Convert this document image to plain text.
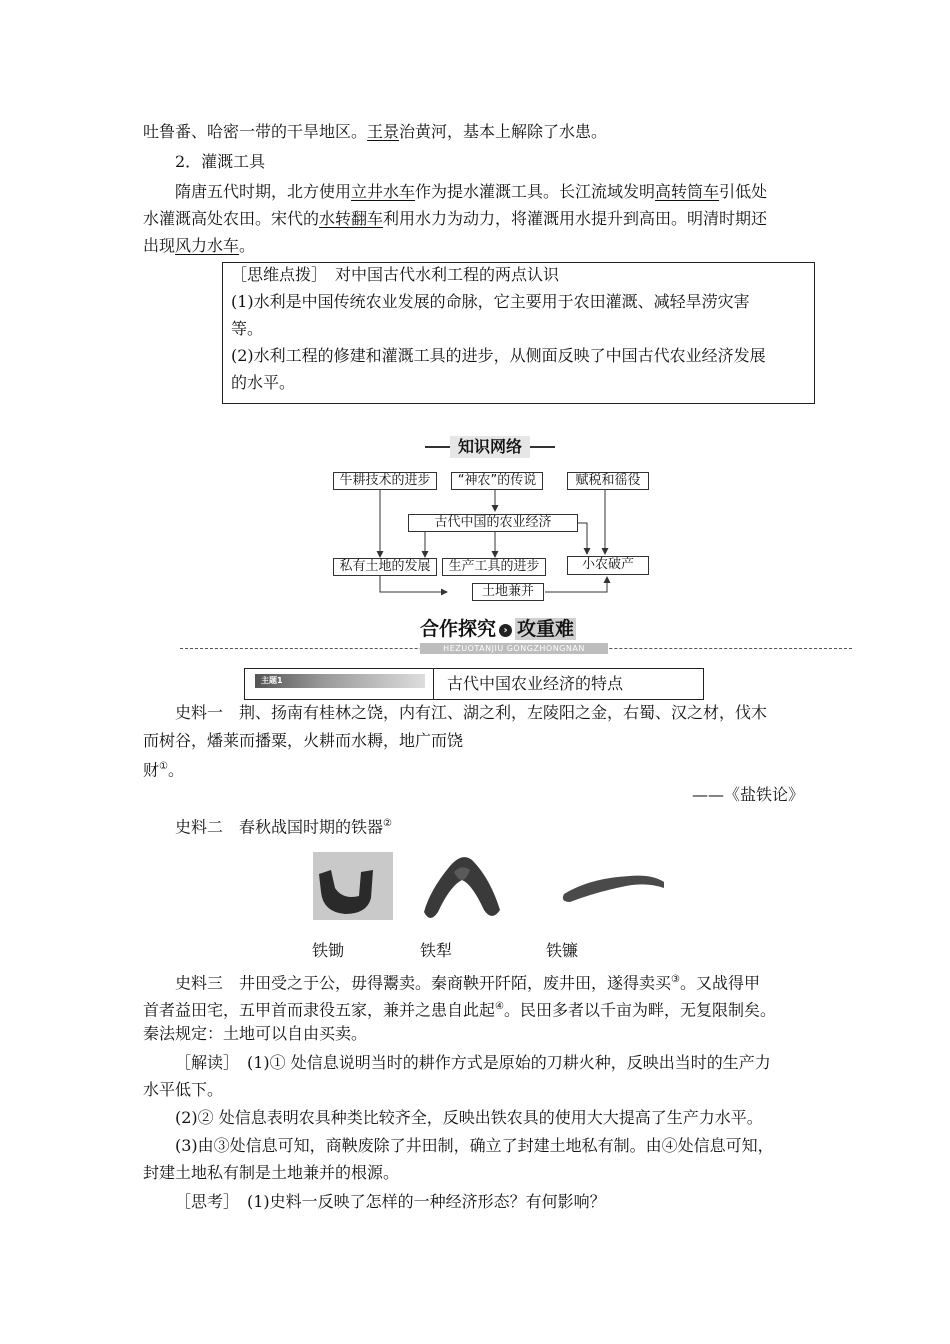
吐鲁番、哈密一带的干旱地区。王景治黄河，基本上解除了水患。
2．灌溉工具
隋唐五代时期，北方使用立井水车作为提水灌溉工具。长江流域发明高转筒车引低处
水灌溉高处农田。宋代的水转翻车利用水力为动力，将灌溉用水提升到高田。明清时期还
出现风力水车。
［思维点拨］　对中国古代水利工程的两点认识
(1)水利是中国传统农业发展的命脉，它主要用于农田灌溉、减轻旱涝灾害
等。
(2)水利工程的修建和灌溉工具的进步，从侧面反映了中国古代农业经济发展
的水平。
知识网络
牛耕技术的进步	“神农”的传说	赋税和徭役
古代中国的农业经济
私有土地的发展	生产工具的进步	小农破产
土地兼并
合作探究 › 攻重难
HEZUOTANJIU GONGZHONGNAN
主题1	古代中国农业经济的特点
史料一　荆、扬南有桂林之饶，内有江、湖之利，左陵阳之金，右蜀、汉之材，伐木
而树谷，燔莱而播粟，火耕而水耨，地广而饶
财①。
——《盐铁论》
史料二　春秋战国时期的铁器②
铁锄	铁犁	铁镰
史料三　井田受之于公，毋得鬻卖。秦商鞅开阡陌，废井田，遂得卖买③。又战得甲
首者益田宅，五甲首而隶役五家，兼并之患自此起④。民田多者以千亩为畔，无复限制矣。
秦法规定：土地可以自由买卖。
［解读］　(1)① 处信息说明当时的耕作方式是原始的刀耕火种，反映出当时的生产力
水平低下。
(2)② 处信息表明农具种类比较齐全，反映出铁农具的使用大大提高了生产力水平。
(3)由③处信息可知，商鞅废除了井田制，确立了封建土地私有制。由④处信息可知，
封建土地私有制是土地兼并的根源。
［思考］　(1)史料一反映了怎样的一种经济形态？有何影响？
